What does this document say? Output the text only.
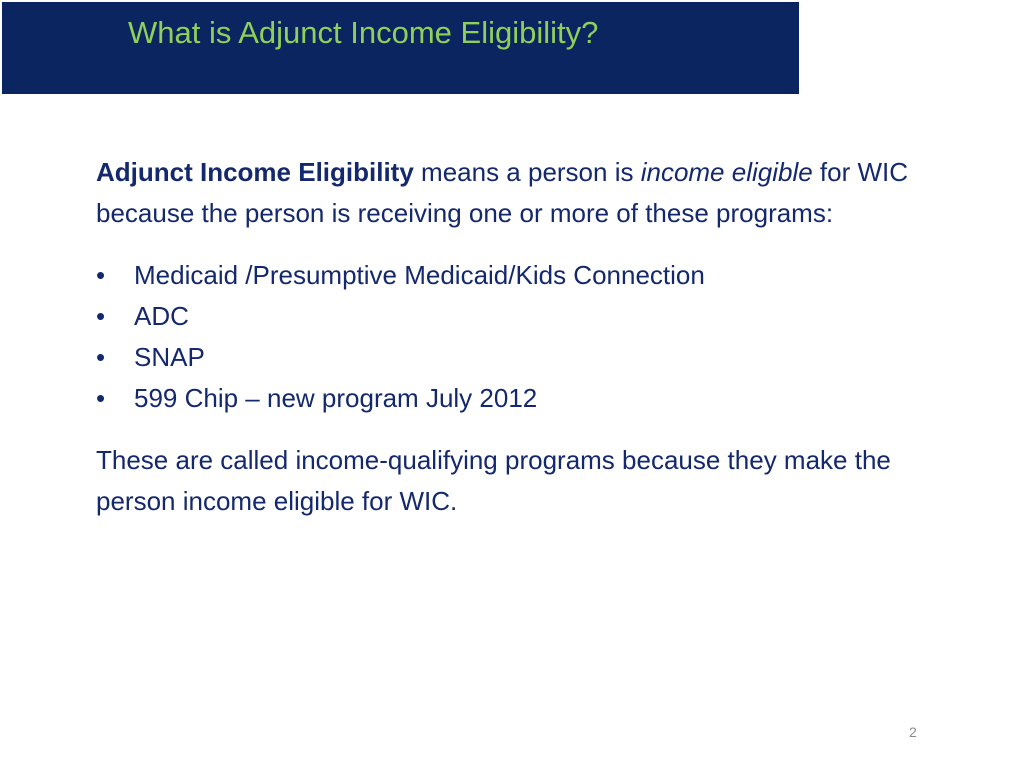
What is Adjunct Income Eligibility?

Adjunct Income Eligibility means a person is income eligible for WIC because the person is receiving one or more of these programs:

• Medicaid /Presumptive Medicaid/Kids Connection
• ADC
• SNAP
• 599 Chip – new program July 2012

These are called income-qualifying programs because they make the person income eligible for WIC.

2
